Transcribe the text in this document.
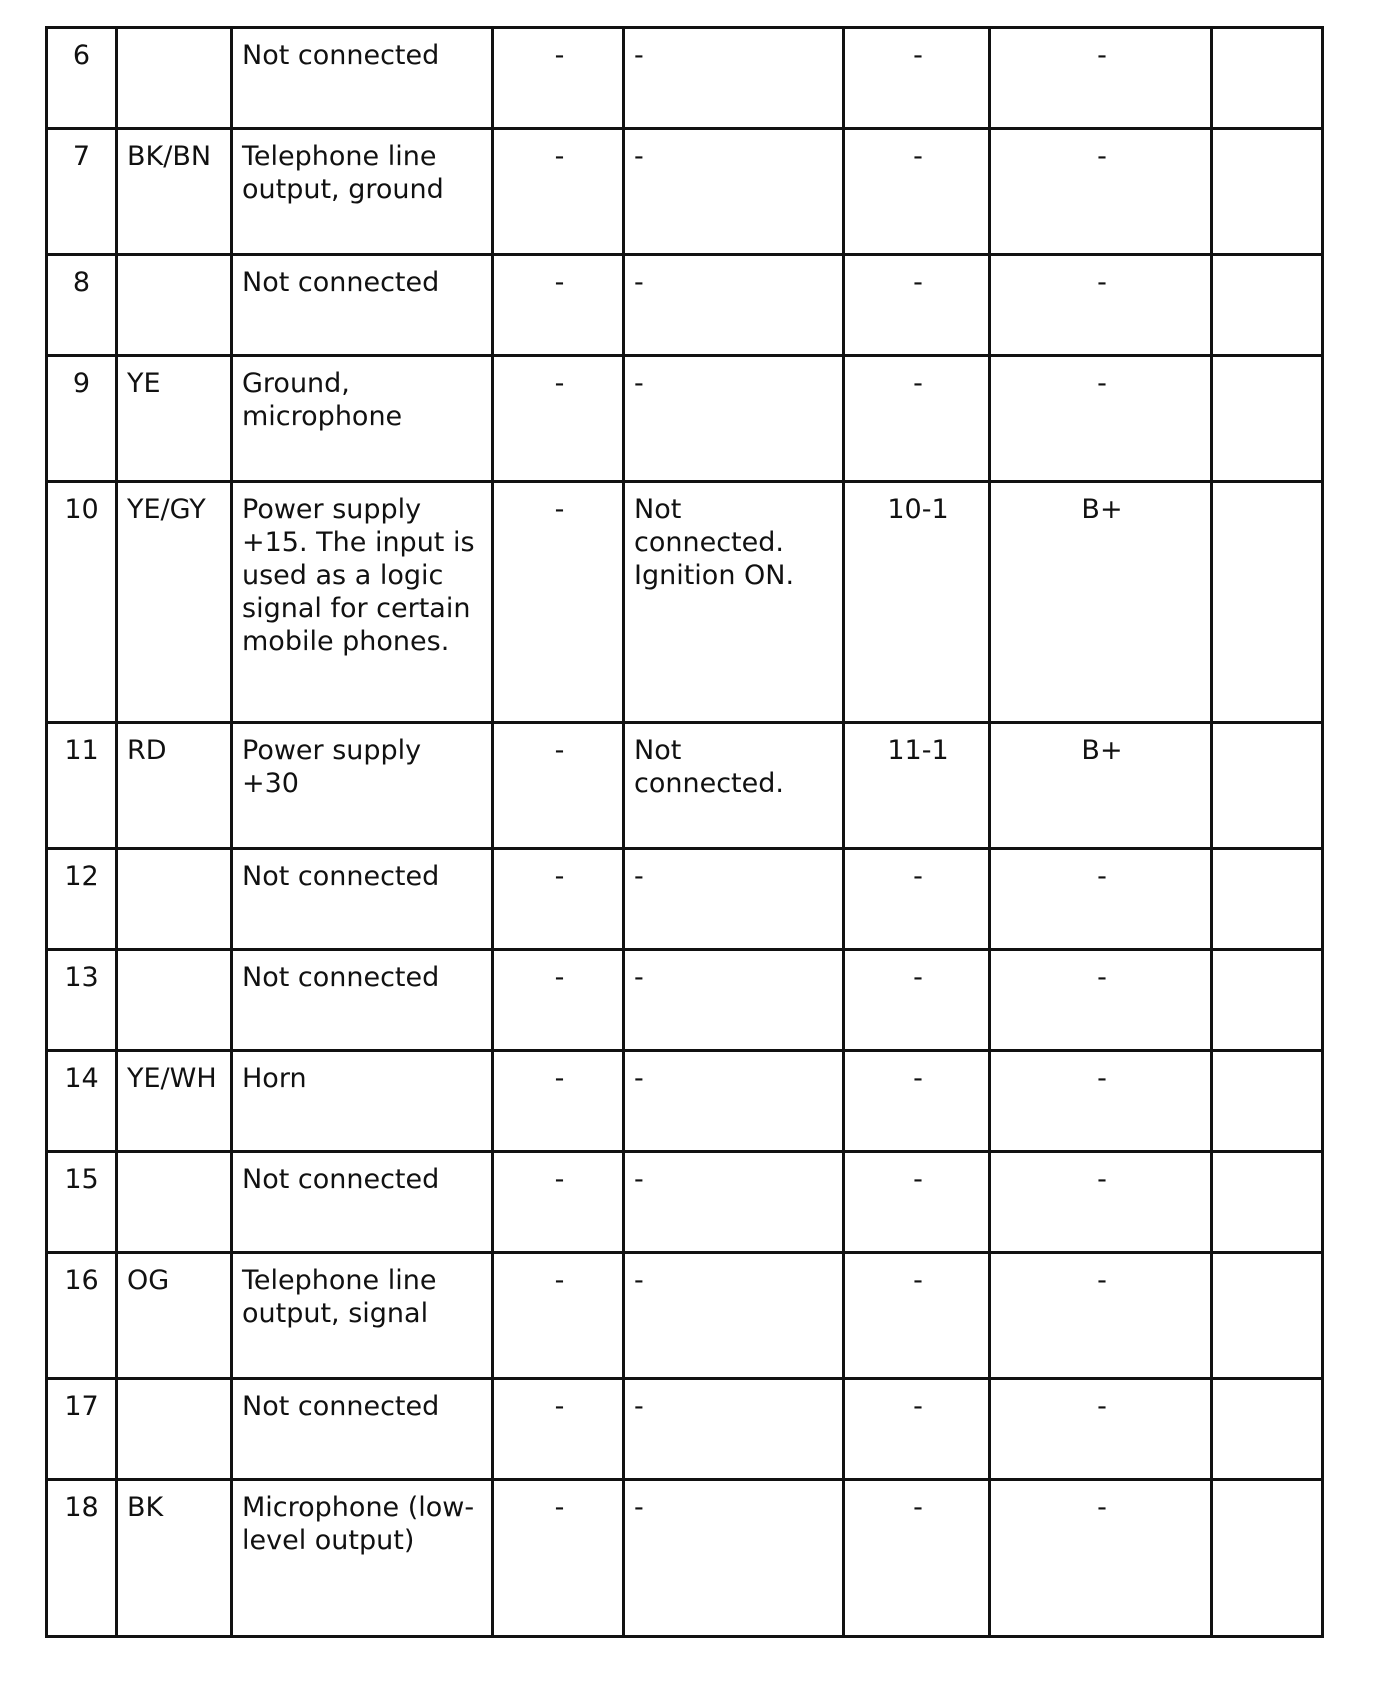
6		Not connected	-	-	-	-	
7	BK/BN	Telephone line output, ground	-	-	-	-	
8		Not connected	-	-	-	-	
9	YE	Ground, microphone	-	-	-	-	
10	YE/GY	Power supply +15. The input is used as a logic signal for certain mobile phones.	-	Not connected. Ignition ON.	10-1	B+	
11	RD	Power supply +30	-	Not connected.	11-1	B+	
12		Not connected	-	-	-	-	
13		Not connected	-	-	-	-	
14	YE/WH	Horn	-	-	-	-	
15		Not connected	-	-	-	-	
16	OG	Telephone line output, signal	-	-	-	-	
17		Not connected	-	-	-	-	
18	BK	Microphone (low-level output)	-	-	-	-	
